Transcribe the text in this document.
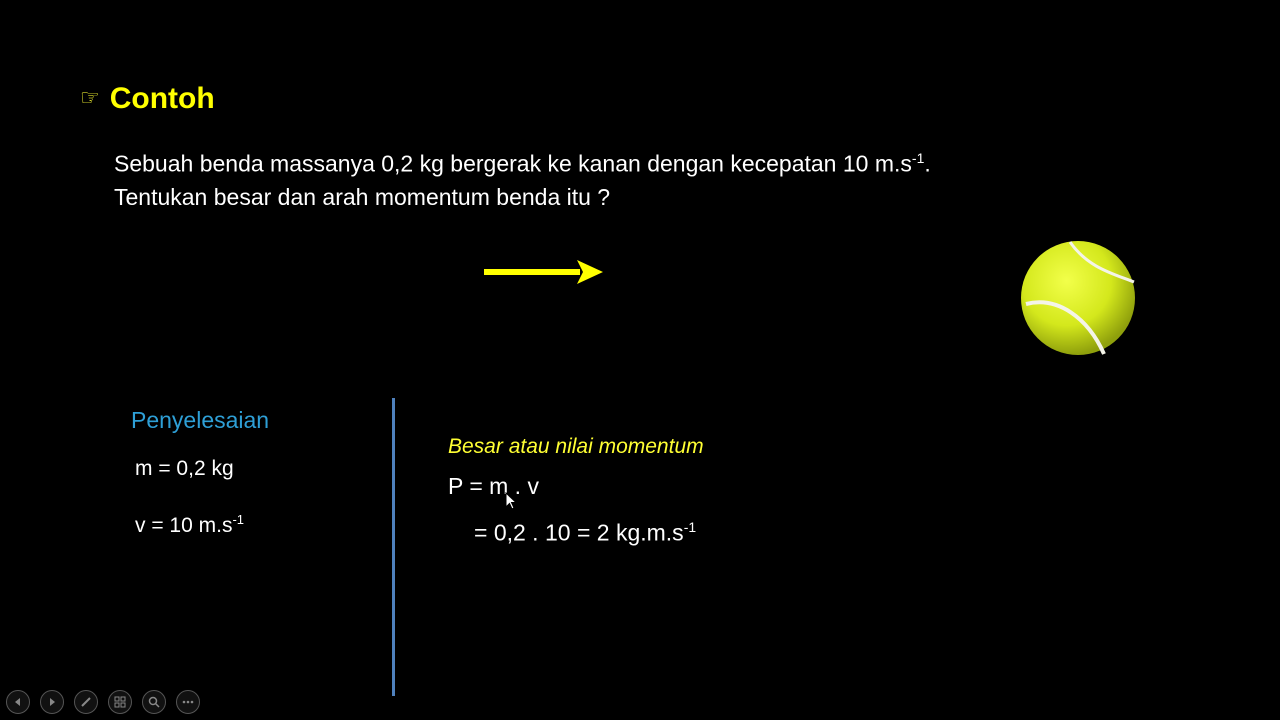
☞ Contoh
Sebuah benda massanya 0,2 kg bergerak ke kanan dengan kecepatan 10 $m.s^{-1}$.
Tentukan besar dan arah momentum benda itu ?
Penyelesaian
m = 0,2 kg
v = 10 $m.s^{-1}$
Besar atau nilai momentum
P = m . v
= 0,2 . 10 = 2 $kg.m.s^{-1}$
